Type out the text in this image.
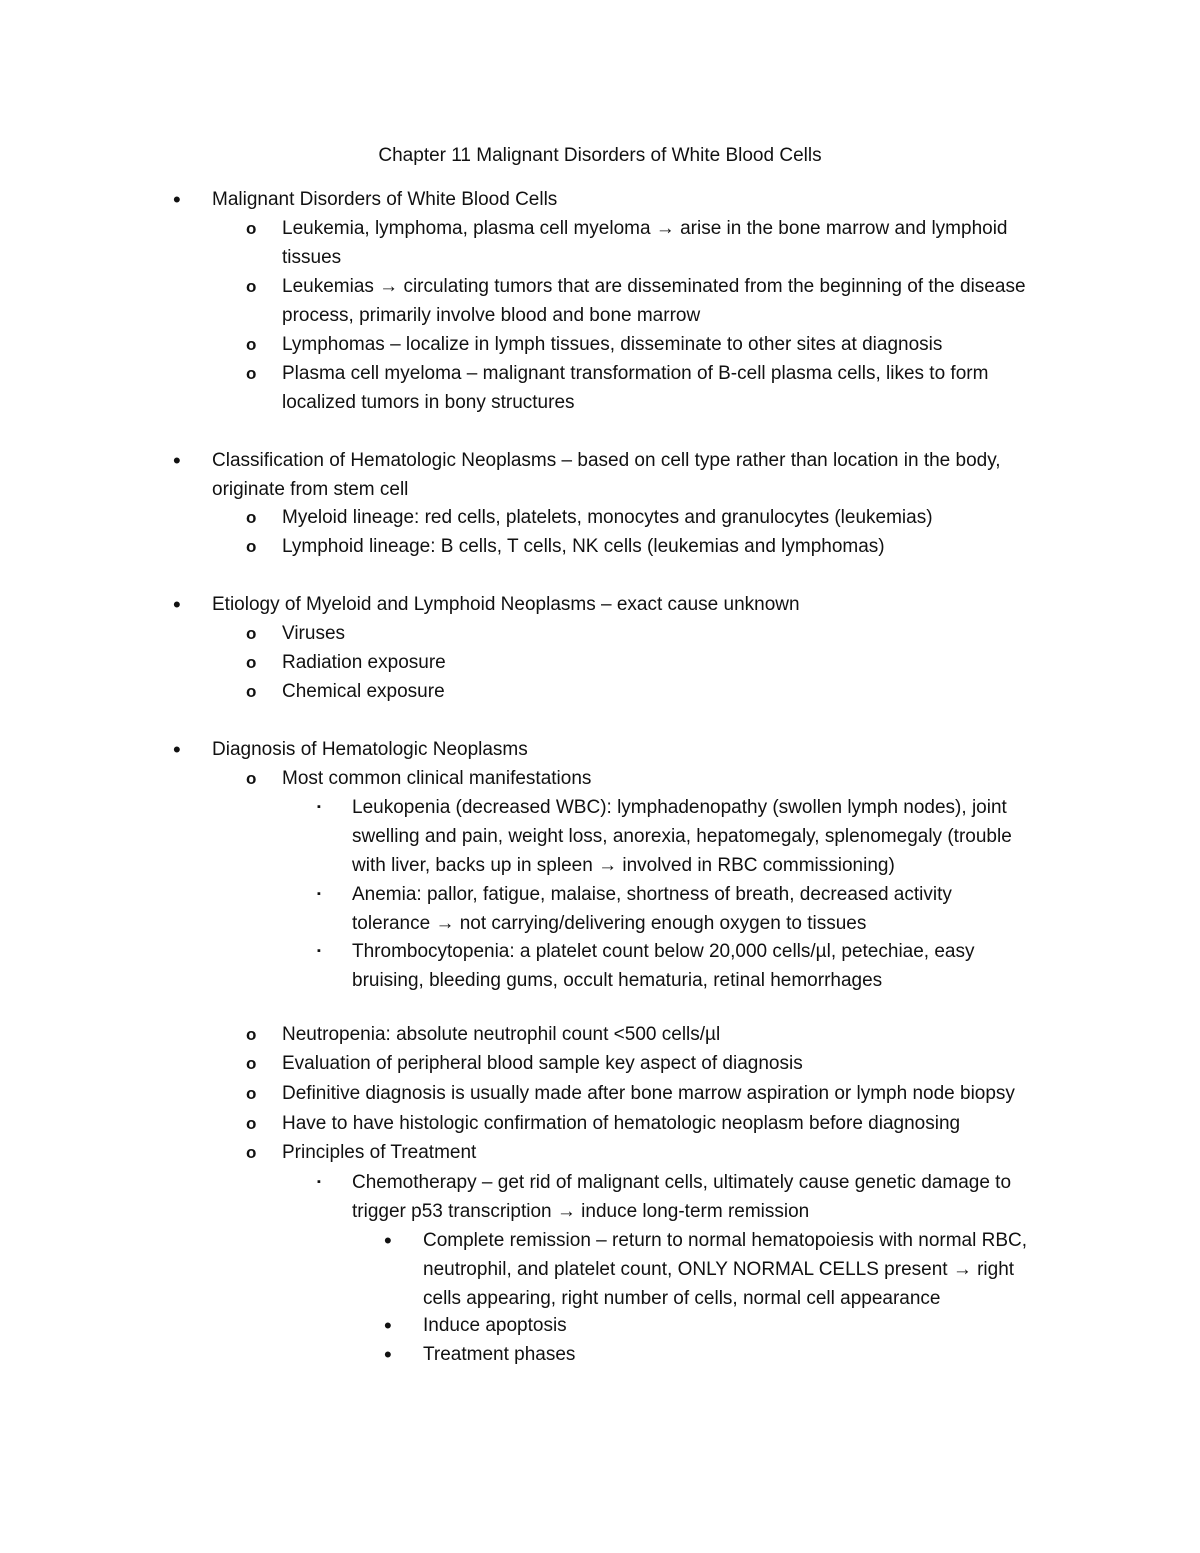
Chapter 11 Malignant Disorders of White Blood Cells
• Malignant Disorders of White Blood Cells
o Leukemia, lymphoma, plasma cell myeloma → arise in the bone marrow and lymphoid
tissues
o Leukemias → circulating tumors that are disseminated from the beginning of the disease
process, primarily involve blood and bone marrow
o Lymphomas – localize in lymph tissues, disseminate to other sites at diagnosis
o Plasma cell myeloma – malignant transformation of B-cell plasma cells, likes to form
localized tumors in bony structures
• Classification of Hematologic Neoplasms – based on cell type rather than location in the body,
originate from stem cell
o Myeloid lineage: red cells, platelets, monocytes and granulocytes (leukemias)
o Lymphoid lineage: B cells, T cells, NK cells (leukemias and lymphomas)
• Etiology of Myeloid and Lymphoid Neoplasms – exact cause unknown
o Viruses
o Radiation exposure
o Chemical exposure
• Diagnosis of Hematologic Neoplasms
o Most common clinical manifestations
▪ Leukopenia (decreased WBC): lymphadenopathy (swollen lymph nodes), joint
swelling and pain, weight loss, anorexia, hepatomegaly, splenomegaly (trouble
with liver, backs up in spleen → involved in RBC commissioning)
▪ Anemia: pallor, fatigue, malaise, shortness of breath, decreased activity
tolerance → not carrying/delivering enough oxygen to tissues
▪ Thrombocytopenia: a platelet count below 20,000 cells/µl, petechiae, easy
bruising, bleeding gums, occult hematuria, retinal hemorrhages
o Neutropenia: absolute neutrophil count <500 cells/µl
o Evaluation of peripheral blood sample key aspect of diagnosis
o Definitive diagnosis is usually made after bone marrow aspiration or lymph node biopsy
o Have to have histologic confirmation of hematologic neoplasm before diagnosing
o Principles of Treatment
▪ Chemotherapy – get rid of malignant cells, ultimately cause genetic damage to
trigger p53 transcription → induce long-term remission
• Complete remission – return to normal hematopoiesis with normal RBC,
neutrophil, and platelet count, ONLY NORMAL CELLS present → right
cells appearing, right number of cells, normal cell appearance
• Induce apoptosis
• Treatment phases
